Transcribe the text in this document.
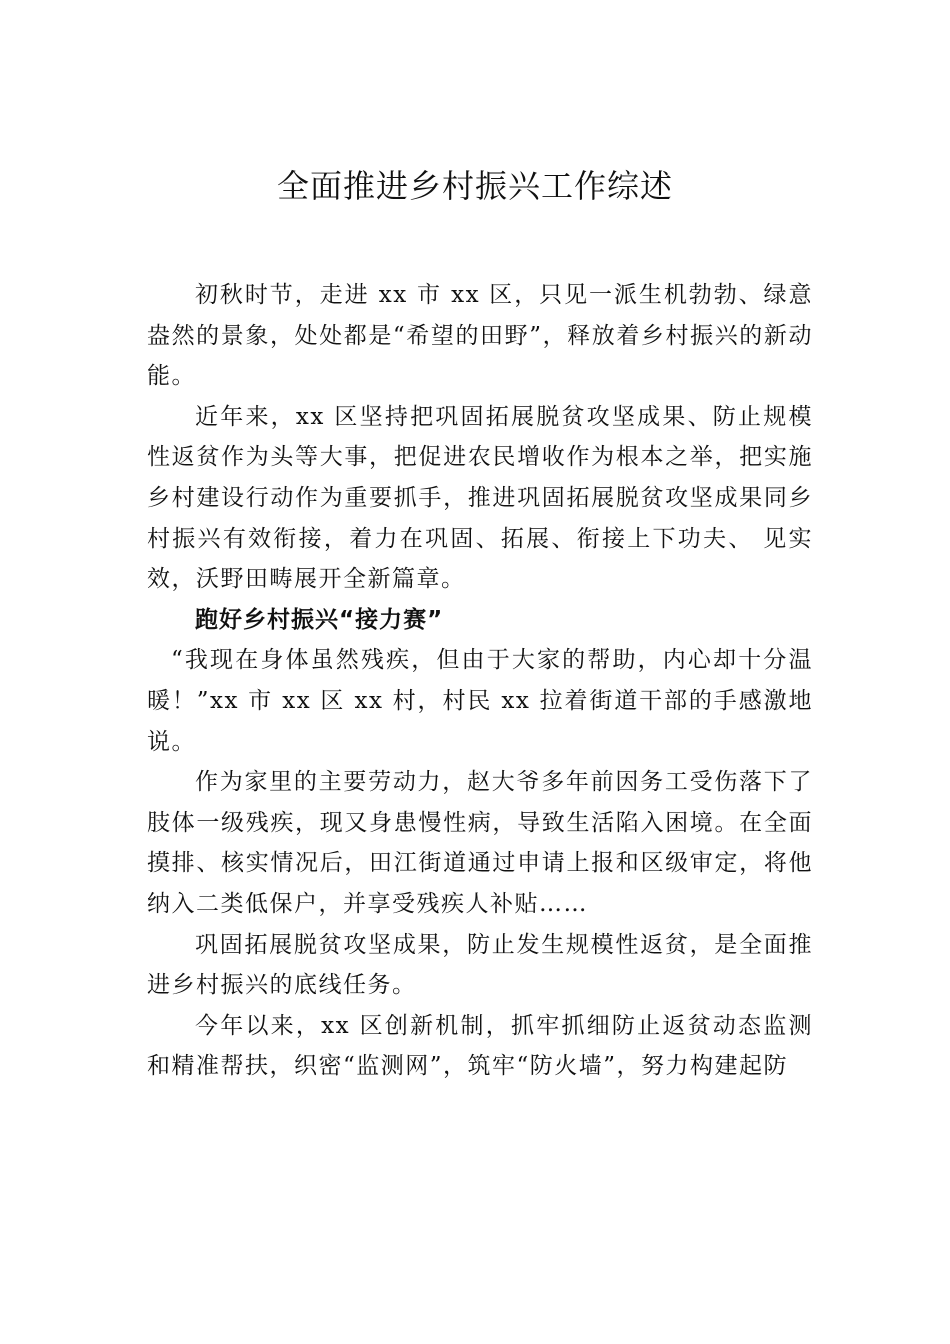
全面推进乡村振兴工作综述

初秋时节，走进 xx 市 xx 区，只见一派生机勃勃、绿意盎然的景象，处处都是“希望的田野”，释放着乡村振兴的新动能。

近年来，xx 区坚持把巩固拓展脱贫攻坚成果、防止规模性返贫作为头等大事，把促进农民增收作为根本之举，把实施乡村建设行动作为重要抓手，推进巩固拓展脱贫攻坚成果同乡村振兴有效衔接，着力在巩固、拓展、衔接上下功夫、 见实效，沃野田畴展开全新篇章。

跑好乡村振兴“接力赛”

“我现在身体虽然残疾，但由于大家的帮助，内心却十分温暖！”xx 市 xx 区 xx 村，村民 xx 拉着街道干部的手感激地说。

作为家里的主要劳动力，赵大爷多年前因务工受伤落下了肢体一级残疾，现又身患慢性病，导致生活陷入困境。在全面摸排、核实情况后，田江街道通过申请上报和区级审定，将他纳入二类低保户，并享受残疾人补贴……

巩固拓展脱贫攻坚成果，防止发生规模性返贫，是全面推进乡村振兴的底线任务。

今年以来，xx 区创新机制，抓牢抓细防止返贫动态监测和精准帮扶，织密“监测网”，筑牢“防火墙”，努力构建起防
